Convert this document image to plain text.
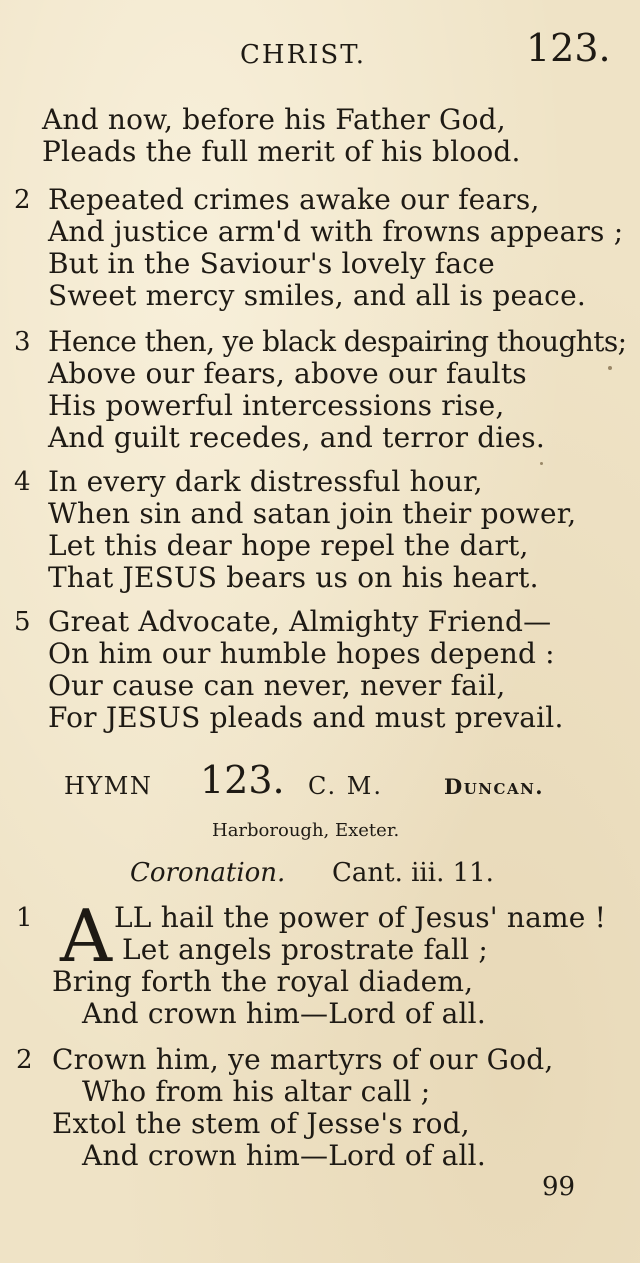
CHRIST.	123.
And now, before his Father God,
Pleads the full merit of his blood.
2 Repeated crimes awake our fears,
And justice arm'd with frowns appears ;
But in the Saviour's lovely face
Sweet mercy smiles, and all is peace.
3 Hence then, ye black despairing thoughts;
Above our fears, above our faults
His powerful intercessions rise,
And guilt recedes, and terror dies.
4 In every dark distressful hour,
When sin and satan join their power,
Let this dear hope repel the dart,
That JESUS bears us on his heart.
5 Great Advocate, Almighty Friend—
On him our humble hopes depend :
Our cause can never, never fail,
For JESUS pleads and must prevail.
HYMN 123. C. M.	Duncan.
Harborough, Exeter.
Coronation. Cant. iii. 11.
1 A LL hail the power of Jesus' name !
Let angels prostrate fall ;
Bring forth the royal diadem,
And crown him—Lord of all.
2 Crown him, ye martyrs of our God,
Who from his altar call ;
Extol the stem of Jesse's rod,
And crown him—Lord of all.
99
